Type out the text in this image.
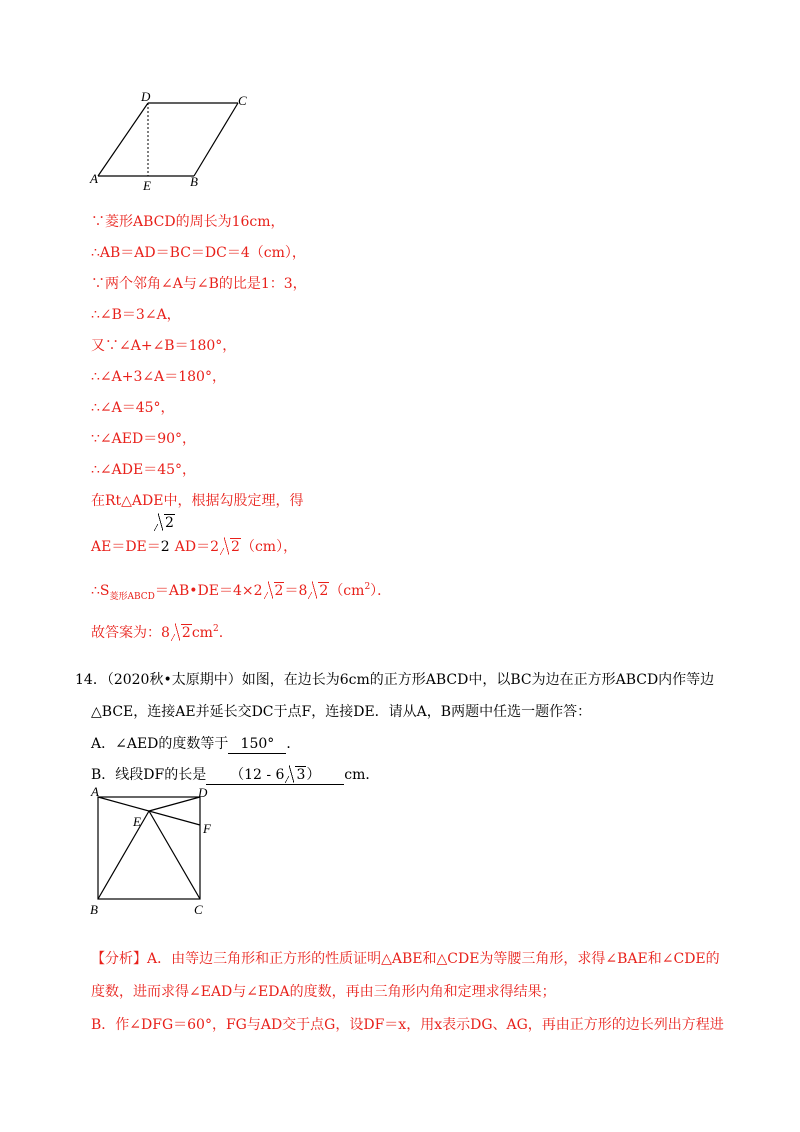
D	C
A	E	B
∵菱形ABCD的周长为16cm，
∴AB＝AD＝BC＝DC＝4（cm），
∵两个邻角∠A与∠B的比是1：3，
∴∠B＝3∠A，
又∵∠A+∠B＝180°，
∴∠A+3∠A＝180°，
∴∠A＝45°，
∵∠AED＝90°，
∴∠ADE＝45°，
在Rt△ADE中，根据勾股定理，得
2
AE＝DE＝2 AD＝2 2（cm），
$\therefore S_{菱形ABCD}=AB•DE=4\times 2$ 2＝8 $2(cm^2)$．
故答案为：8 $2cm^2$.
14．（2020秋•太原期中）如图，在边长为6cm的正方形ABCD中，以BC为边在正方形ABCD内作等边
△BCE，连接AE并延长交DC于点F，连接DE．请从A，B两题中任选一题作答：
A．∠AED的度数等于 150° ．
B．线段DF的长是 （12 - 6 3） cm．
A	D
E	F
B	C
【分析】A．由等边三角形和正方形的性质证明△ABE和△CDE为等腰三角形，求得∠BAE和∠CDE的
度数，进而求得∠EAD与∠EDA的度数，再由三角形内角和定理求得结果；
B．作∠DFG＝60°，FG与AD交于点G，设DF＝x，用x表示DG、AG，再由正方形的边长列出方程进
